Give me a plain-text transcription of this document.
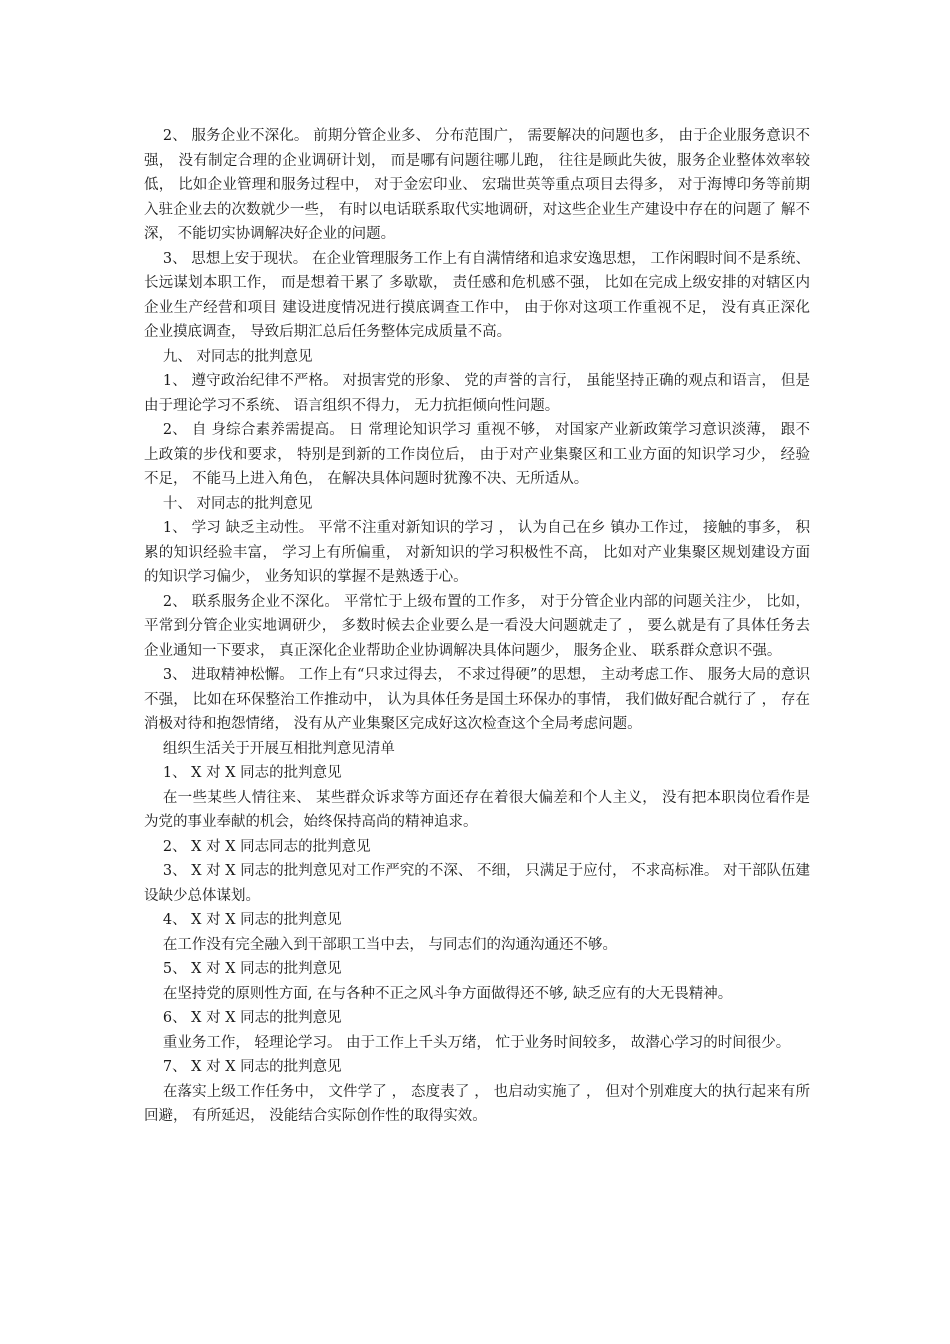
2、 服务企业不深化。 前期分管企业多、 分布范围广， 需要解决的问题也多， 由于企业服务意识不强， 没有制定合理的企业调研计划， 而是哪有问题往哪儿跑， 往往是顾此失彼，服务企业整体效率较低， 比如企业管理和服务过程中， 对于金宏印业、 宏瑞世英等重点项目去得多， 对于海博印务等前期入驻企业去的次数就少一些， 有时以电话联系取代实地调研，对这些企业生产建设中存在的问题了 解不深， 不能切实协调解决好企业的问题。

3、 思想上安于现状。 在企业管理服务工作上有自满情绪和追求安逸思想， 工作闲暇时间不是系统、 长远谋划本职工作， 而是想着干累了 多歇歇， 责任感和危机感不强， 比如在完成上级安排的对辖区内企业生产经营和项目 建设进度情况进行摸底调查工作中， 由于你对这项工作重视不足， 没有真正深化企业摸底调查， 导致后期汇总后任务整体完成质量不高。

九、 对同志的批判意见

1、 遵守政治纪律不严格。 对损害党的形象、 党的声誉的言行， 虽能坚持正确的观点和语言， 但是由于理论学习不系统、 语言组织不得力， 无力抗拒倾向性问题。

2、 自 身综合素养需提高。 日 常理论知识学习 重视不够， 对国家产业新政策学习意识淡薄， 跟不上政策的步伐和要求， 特别是到新的工作岗位后， 由于对产业集聚区和工业方面的知识学习少， 经验不足， 不能马上进入角色， 在解决具体问题时犹豫不决、无所适从。

十、 对同志的批判意见

1、 学习 缺乏主动性。 平常不注重对新知识的学习 ， 认为自己在乡 镇办工作过， 接触的事多， 积累的知识经验丰富， 学习上有所偏重， 对新知识的学习积极性不高， 比如对产业集聚区规划建设方面的知识学习偏少， 业务知识的掌握不是熟透于心。

2、 联系服务企业不深化。 平常忙于上级布置的工作多， 对于分管企业内部的问题关注少， 比如， 平常到分管企业实地调研少， 多数时候去企业要么是一看没大问题就走了 ， 要么就是有了具体任务去企业通知一下要求， 真正深化企业帮助企业协调解决具体问题少， 服务企业、 联系群众意识不强。

3、 进取精神松懈。 工作上有“只求过得去， 不求过得硬”的思想， 主动考虑工作、 服务大局的意识不强， 比如在环保整治工作推动中， 认为具体任务是国土环保办的事情， 我们做好配合就行了 ， 存在消极对待和抱怨情绪， 没有从产业集聚区完成好这次检查这个全局考虑问题。

组织生活关于开展互相批判意见清单

1、 X 对 X 同志的批判意见

在一些某些人情往来、 某些群众诉求等方面还存在着很大偏差和个人主义， 没有把本职岗位看作是为党的事业奉献的机会，始终保持高尚的精神追求。

2、 X 对 X 同志同志的批判意见

3、 X 对 X 同志的批判意见对工作严究的不深、 不细， 只满足于应付， 不求高标准。 对干部队伍建设缺少总体谋划。

4、 X 对 X 同志的批判意见

在工作没有完全融入到干部职工当中去， 与同志们的沟通沟通还不够。

5、 X 对 X 同志的批判意见

在坚持党的原则性方面, 在与各种不正之风斗争方面做得还不够, 缺乏应有的大无畏精神。

6、 X 对 X 同志的批判意见

重业务工作， 轻理论学习。 由于工作上千头万绪， 忙于业务时间较多， 故潜心学习的时间很少。

7、 X 对 X 同志的批判意见

在落实上级工作任务中， 文件学了 ， 态度表了 ， 也启动实施了 ， 但对个别难度大的执行起来有所回避， 有所延迟， 没能结合实际创作性的取得实效。
